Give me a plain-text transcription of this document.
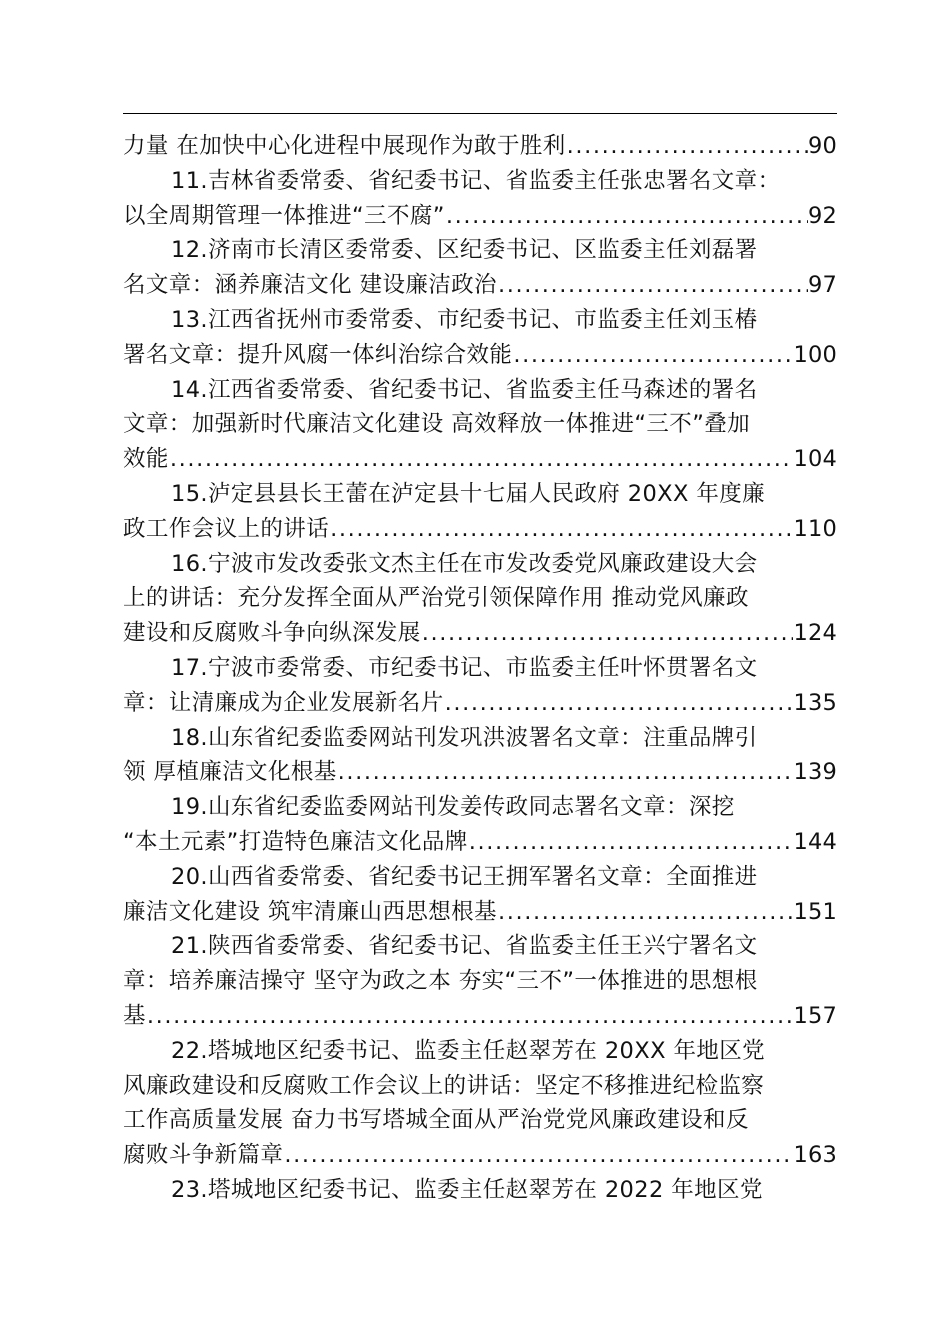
力量 在加快中心化进程中展现作为敢于胜利 .....	90
11.吉林省委常委、省纪委书记、省监委主任张忠署名文章：
以全周期管理一体推进“三不腐” .....	92
12.济南市长清区委常委、区纪委书记、区监委主任刘磊署
名文章：涵养廉洁文化 建设廉洁政治 .....	97
13.江西省抚州市委常委、市纪委书记、市监委主任刘玉椿
署名文章：提升风腐一体纠治综合效能 .....	100
14.江西省委常委、省纪委书记、省监委主任马森述的署名
文章：加强新时代廉洁文化建设 高效释放一体推进“三不”叠加
效能 .....	104
15.泸定县县长王蕾在泸定县十七届人民政府 20XX 年度廉
政工作会议上的讲话 .....	110
16.宁波市发改委张文杰主任在市发改委党风廉政建设大会
上的讲话：充分发挥全面从严治党引领保障作用 推动党风廉政
建设和反腐败斗争向纵深发展 .....	124
17.宁波市委常委、市纪委书记、市监委主任叶怀贯署名文
章：让清廉成为企业发展新名片 .....	135
18.山东省纪委监委网站刊发巩洪波署名文章：注重品牌引
领 厚植廉洁文化根基 .....	139
19.山东省纪委监委网站刊发姜传政同志署名文章：深挖
“本土元素”打造特色廉洁文化品牌 .....	144
20.山西省委常委、省纪委书记王拥军署名文章：全面推进
廉洁文化建设 筑牢清廉山西思想根基 .....	151
21.陕西省委常委、省纪委书记、省监委主任王兴宁署名文
章：培养廉洁操守 坚守为政之本 夯实“三不”一体推进的思想根
基 .....	157
22.塔城地区纪委书记、监委主任赵翠芳在 20XX 年地区党
风廉政建设和反腐败工作会议上的讲话：坚定不移推进纪检监察
工作高质量发展 奋力书写塔城全面从严治党党风廉政建设和反
腐败斗争新篇章 .....	163
23.塔城地区纪委书记、监委主任赵翠芳在 2022 年地区党
